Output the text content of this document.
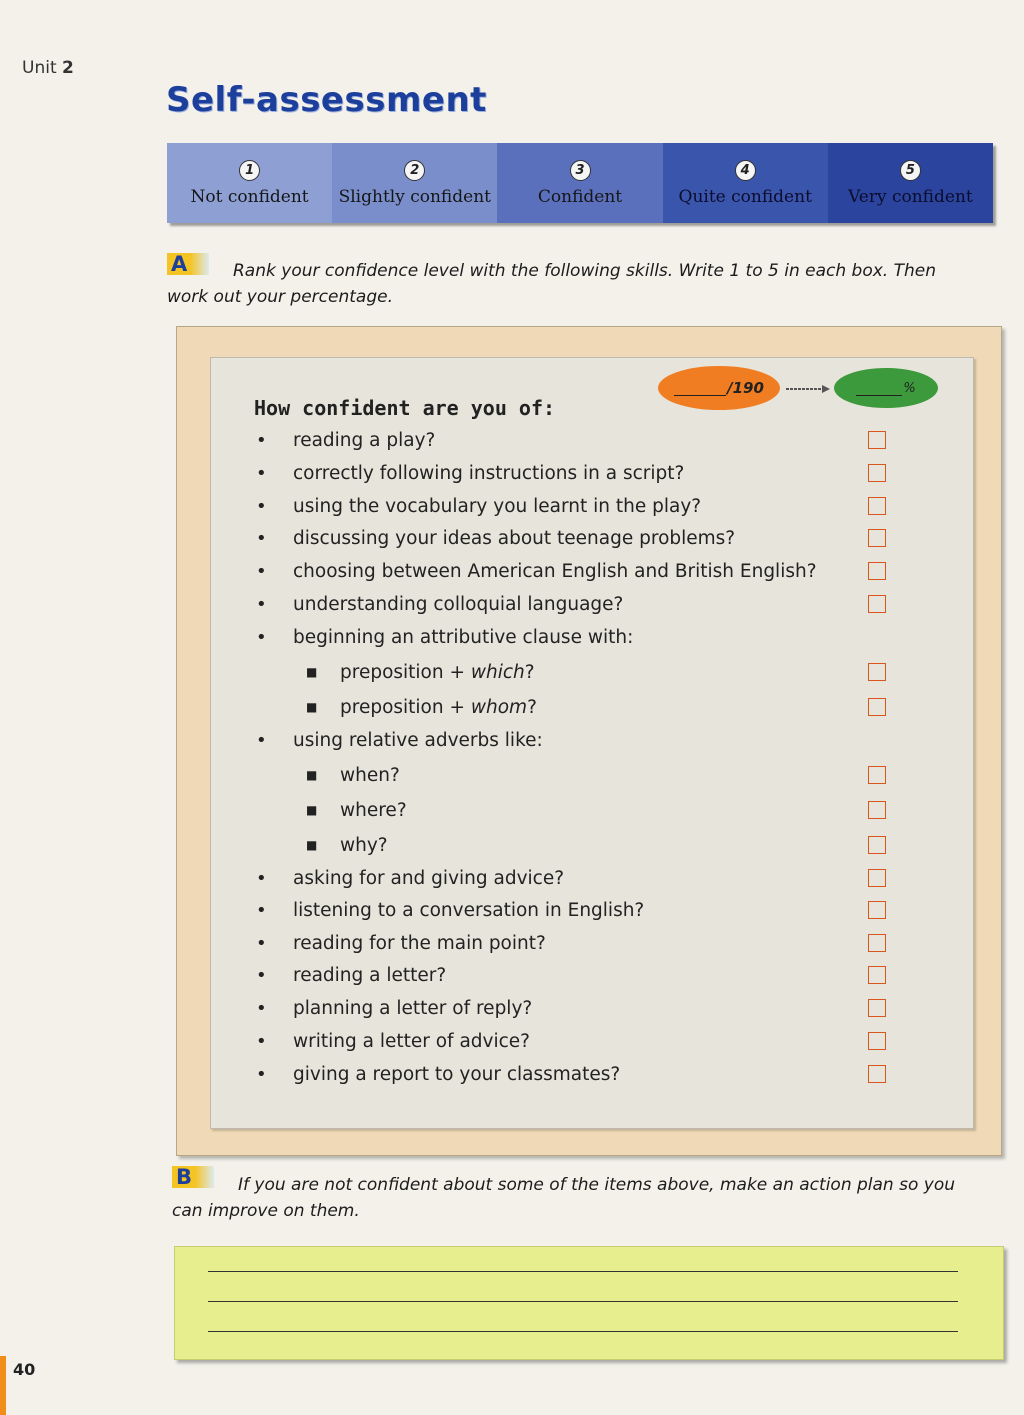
Unit 2
Self-assessment
1
Not confident
2
Slightly confident
3
Confident
4
Quite confident
5
Very confident
A	Rank your confidence level with the following skills. Write 1 to 5 in each box. Then work out your percentage.

/190	%
How confident are you of:
•	reading a play?
•	correctly following instructions in a script?
•	using the vocabulary you learnt in the play?
•	discussing your ideas about teenage problems?
•	choosing between American English and British English?
•	understanding colloquial language?
•	beginning an attributive clause with:
■	preposition + which?
■	preposition + whom?
•	using relative adverbs like:
■	when?
■	where?
■	why?
•	asking for and giving advice?
•	listening to a conversation in English?
•	reading for the main point?
•	reading a letter?
•	planning a letter of reply?
•	writing a letter of advice?
•	giving a report to your classmates?
B	If you are not confident about some of the items above, make an action plan so you can improve on them.

40
